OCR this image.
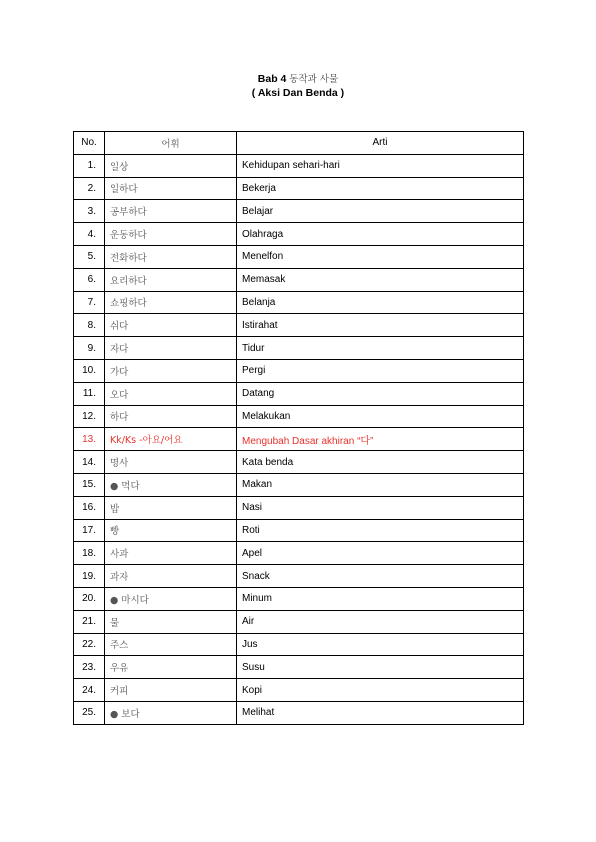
Bab 4 동작과 사물
( Aksi Dan Benda )
No.	어휘	Arti
1.	일상	Kehidupan sehari-hari
2.	일하다	Bekerja
3.	공부하다	Belajar
4.	운동하다	Olahraga
5.	전화하다	Menelfon
6.	요리하다	Memasak
7.	쇼핑하다	Belanja
8.	쉬다	Istirahat
9.	자다	Tidur
10.	가다	Pergi
11.	오다	Datang
12.	하다	Melakukan
13.	Kk/Ks -아요/어요	Mengubah Dasar akhiran “다”
14.	명사	Kata benda
15.	● 먹다	Makan
16.	밥	Nasi
17.	빵	Roti
18.	사과	Apel
19.	과자	Snack
20.	● 마시다	Minum
21.	물	Air
22.	주스	Jus
23.	우유	Susu
24.	커피	Kopi
25.	● 보다	Melihat
